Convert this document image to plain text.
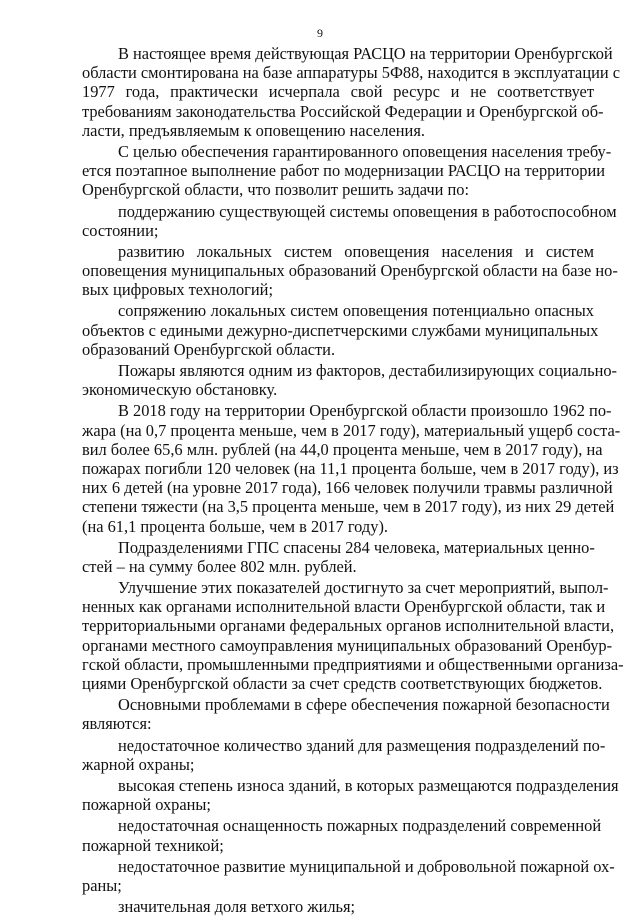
9
В настоящее время действующая РАСЦО на территории Оренбургской
области смонтирована на базе аппаратуры 5Ф88, находится в эксплуатации с
1977 года, практически исчерпала свой ресурс и не соответствует
требованиям законодательства Российской Федерации и Оренбургской об-
ласти, предъявляемым к оповещению населения.
С целью обеспечения гарантированного оповещения населения требу-
ется поэтапное выполнение работ по модернизации РАСЦО на территории
Оренбургской области, что позволит решить задачи по:
поддержанию существующей системы оповещения в работоспособном
состоянии;
развитию локальных систем оповещения населения и систем
оповещения муниципальных образований Оренбургской области на базе но-
вых цифровых технологий;
сопряжению локальных систем оповещения потенциально опасных
объектов с едиными дежурно-диспетчерскими службами муниципальных
образований Оренбургской области.
Пожары являются одним из факторов, дестабилизирующих социально-
экономическую обстановку.
В 2018 году на территории Оренбургской области произошло 1962 по-
жара (на 0,7 процента меньше, чем в 2017 году), материальный ущерб соста-
вил более 65,6 млн. рублей (на 44,0 процента меньше, чем в 2017 году), на
пожарах погибли 120 человек (на 11,1 процента больше, чем в 2017 году), из
них 6 детей (на уровне 2017 года), 166 человек получили травмы различной
степени тяжести (на 3,5 процента меньше, чем в 2017 году), из них 29 детей
(на 61,1 процента больше, чем в 2017 году).
Подразделениями ГПС спасены 284 человека, материальных ценно-
стей – на сумму более 802 млн. рублей.
Улучшение этих показателей достигнуто за счет мероприятий, выпол-
ненных как органами исполнительной власти Оренбургской области, так и
территориальными органами федеральных органов исполнительной власти,
органами местного самоуправления муниципальных образований Оренбур-
гской области, промышленными предприятиями и общественными организа-
циями Оренбургской области за счет средств соответствующих бюджетов.
Основными проблемами в сфере обеспечения пожарной безопасности
являются:
недостаточное количество зданий для размещения подразделений по-
жарной охраны;
высокая степень износа зданий, в которых размещаются подразделения
пожарной охраны;
недостаточная оснащенность пожарных подразделений современной
пожарной техникой;
недостаточное развитие муниципальной и добровольной пожарной ох-
раны;
значительная доля ветхого жилья;
